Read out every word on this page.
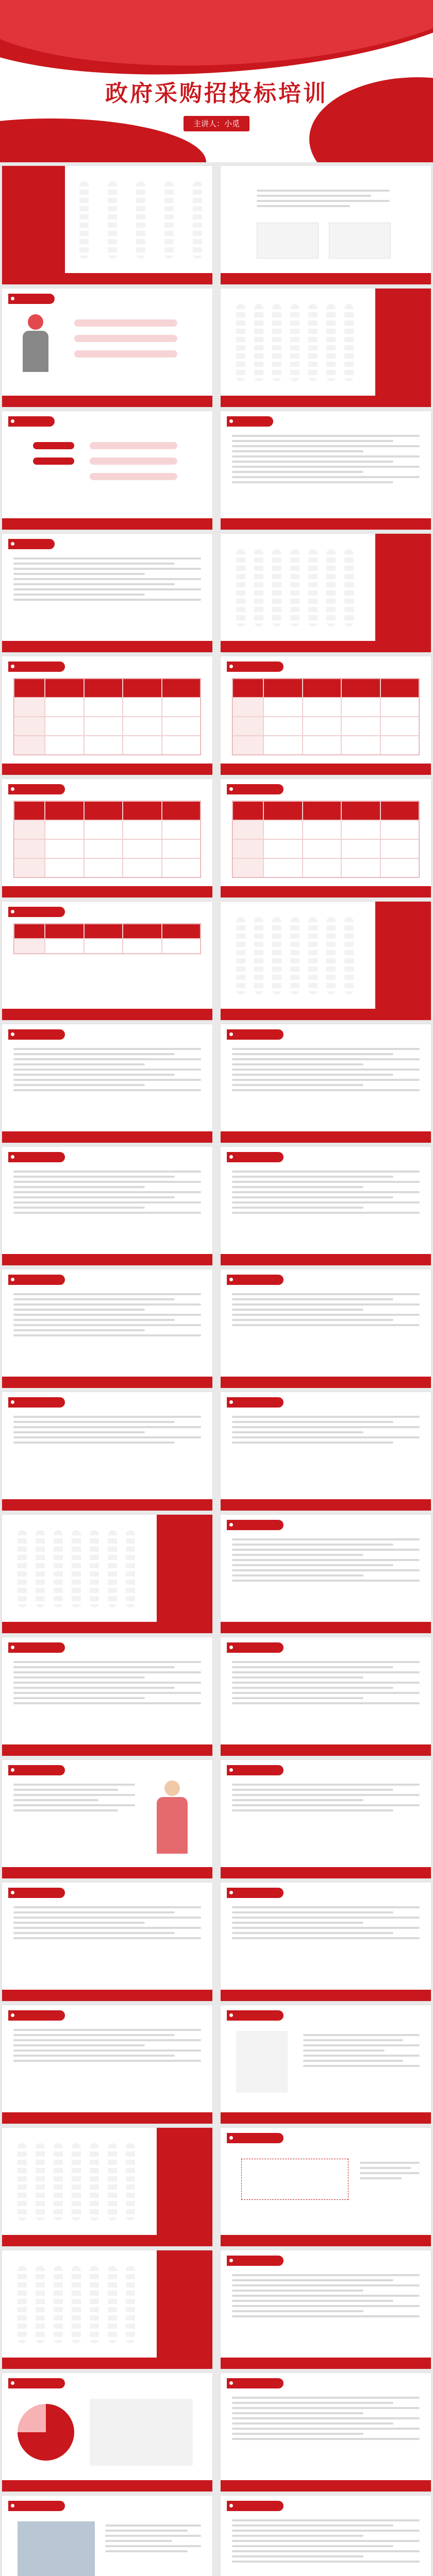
政府采购招投标培训
主讲人：小觅
